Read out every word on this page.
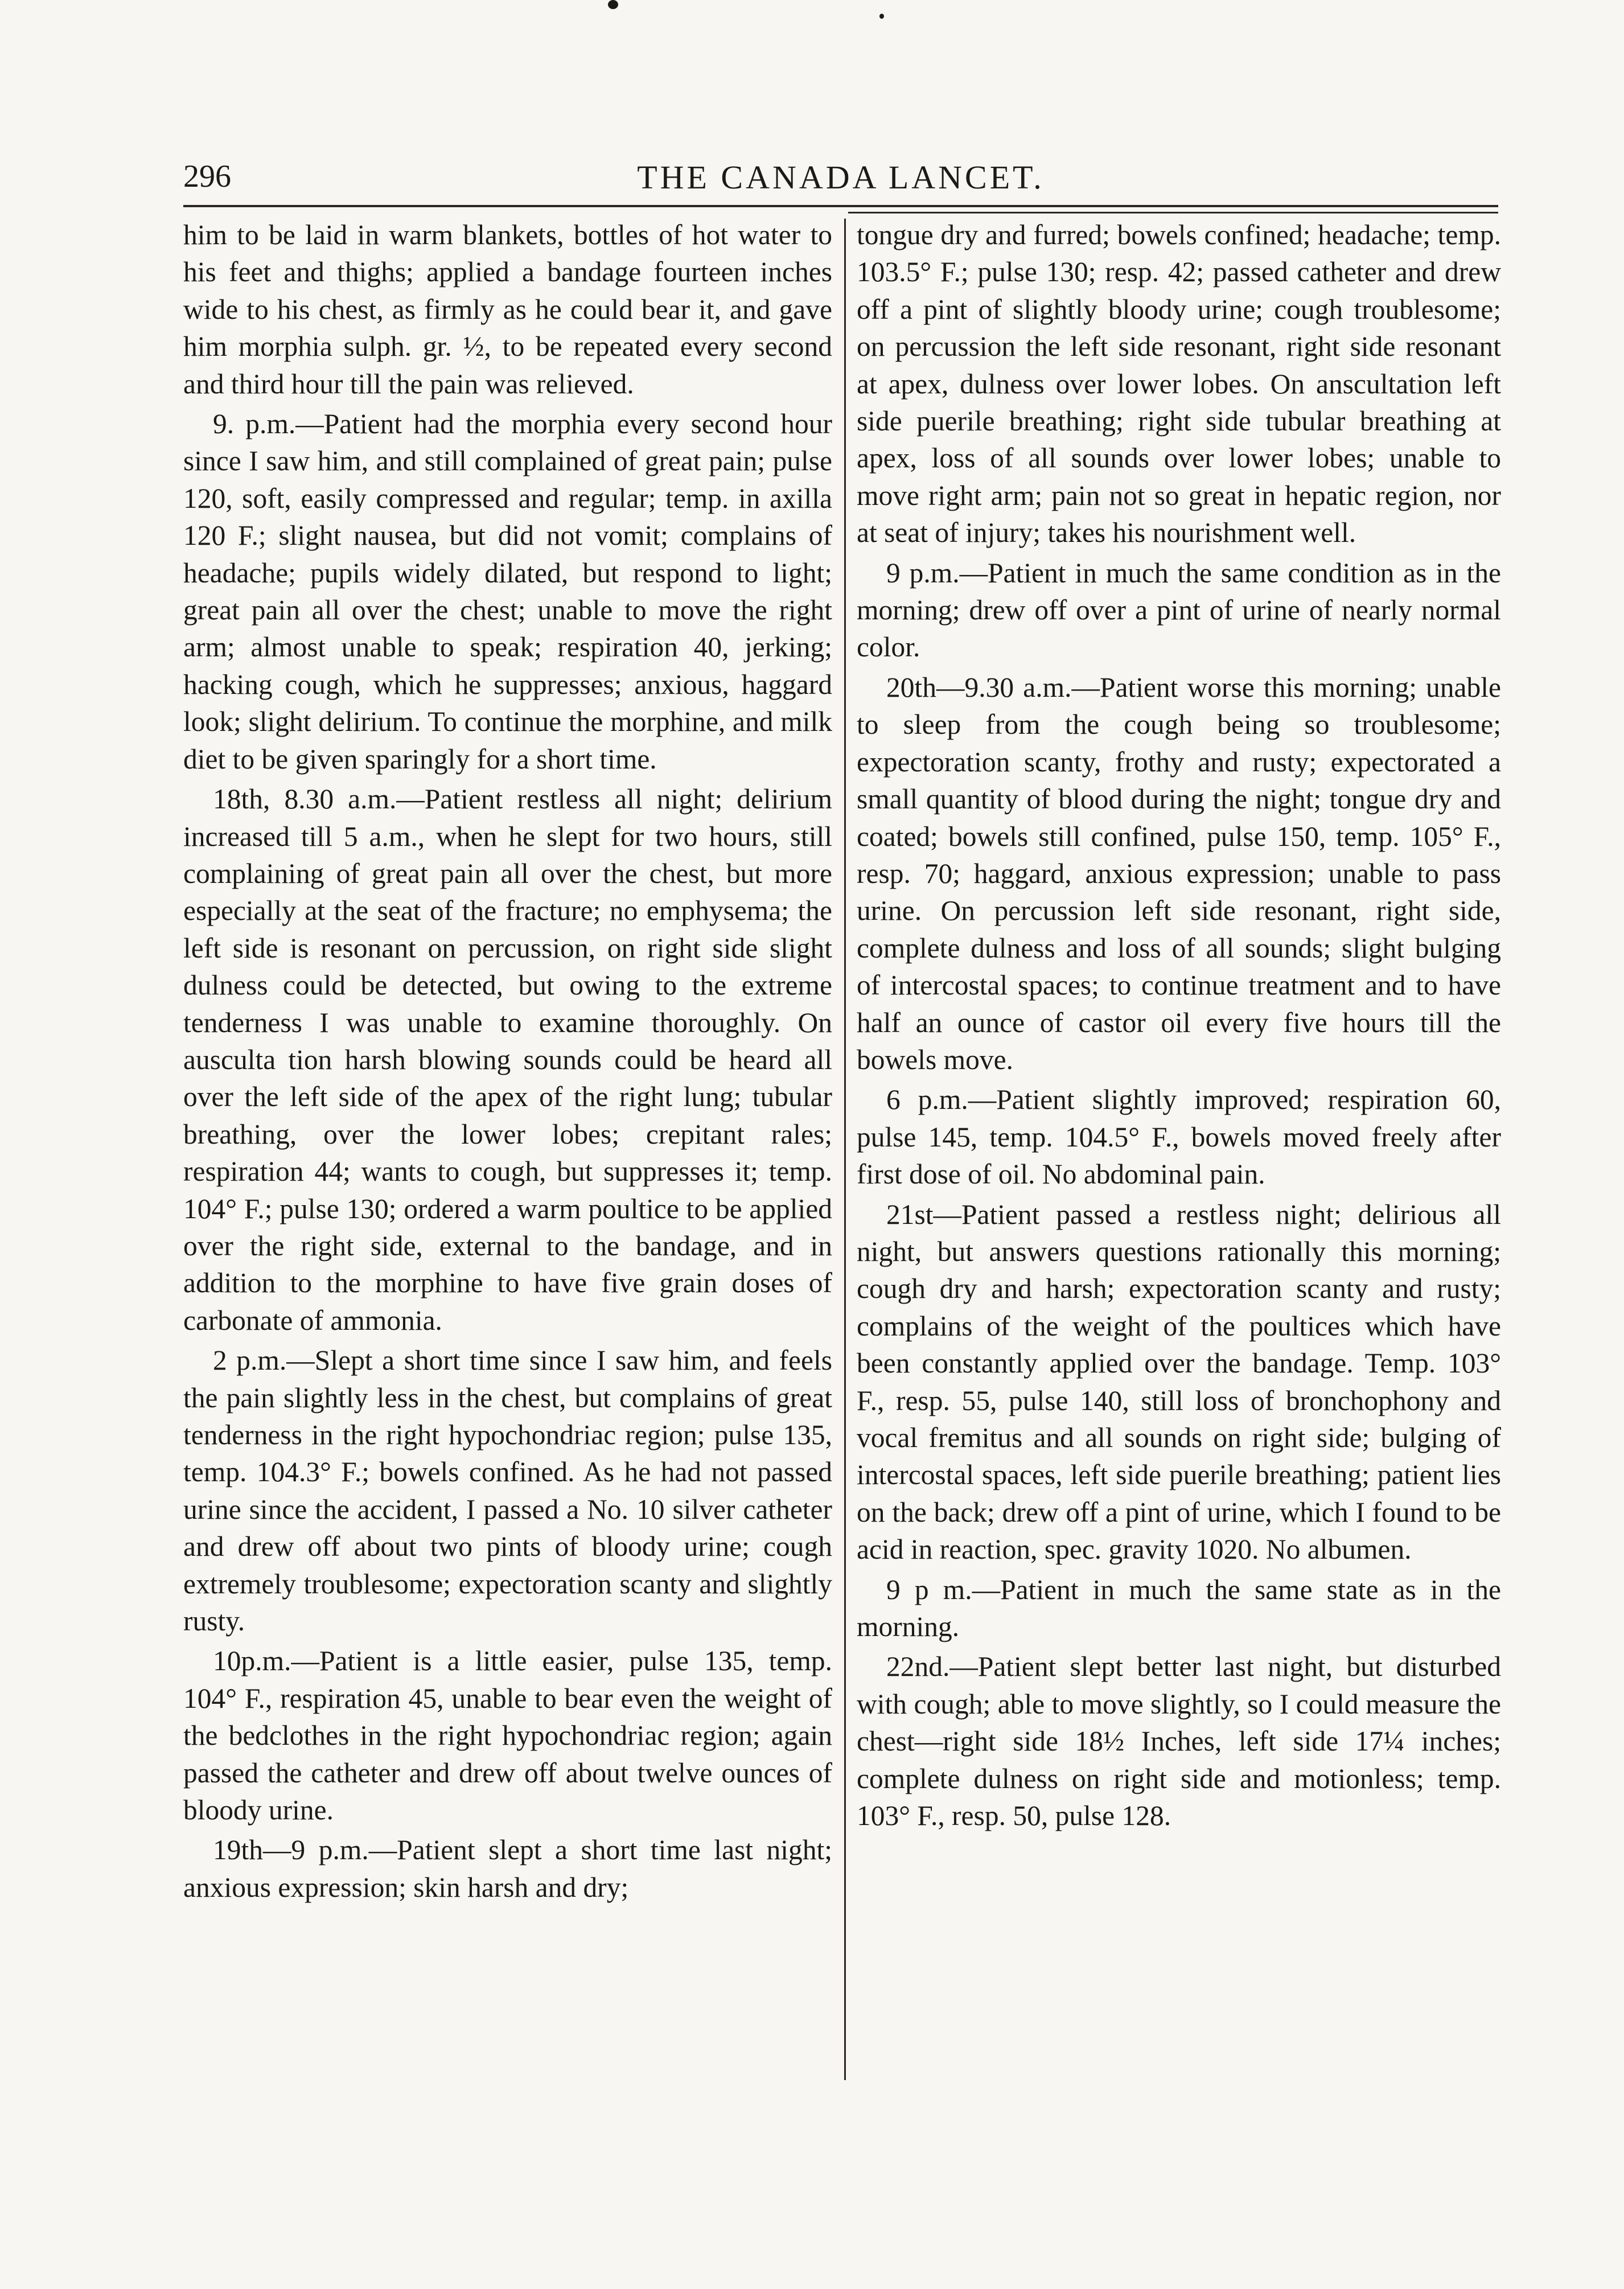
296	THE CANADA LANCET.

him to be laid in warm blankets, bottles of hot water to his feet and thighs; applied a bandage fourteen inches wide to his chest, as firmly as he could bear it, and gave him morphia sulph. gr. ½, to be repeated every second and third hour till the pain was relieved.

9. p.m.—Patient had the morphia every second hour since I saw him, and still complained of great pain; pulse 120, soft, easily compressed and regular; temp. in axilla 120 F.; slight nausea, but did not vomit; complains of headache; pupils widely dilated, but respond to light; great pain all over the chest; unable to move the right arm; almost unable to speak; respiration 40, jerking; hacking cough, which he suppresses; anxious, haggard look; slight delirium. To continue the morphine, and milk diet to be given sparingly for a short time.

18th, 8.30 a.m.—Patient restless all night; delirium increased till 5 a.m., when he slept for two hours, still complaining of great pain all over the chest, but more especially at the seat of the fracture; no emphysema; the left side is resonant on percussion, on right side slight dulness could be detected, but owing to the extreme tenderness I was unable to examine thoroughly. On ausculta tion harsh blowing sounds could be heard all over the left side of the apex of the right lung; tubular breathing, over the lower lobes; crepitant rales; respiration 44; wants to cough, but suppresses it; temp. 104° F.; pulse 130; ordered a warm poultice to be applied over the right side, external to the bandage, and in addition to the morphine to have five grain doses of carbonate of ammonia.

2 p.m.—Slept a short time since I saw him, and feels the pain slightly less in the chest, but complains of great tenderness in the right hypochondriac region; pulse 135, temp. 104.3° F.; bowels confined. As he had not passed urine since the accident, I passed a No. 10 silver catheter and drew off about two pints of bloody urine; cough extremely troublesome; expectoration scanty and slightly rusty.

10p.m.—Patient is a little easier, pulse 135, temp. 104° F., respiration 45, unable to bear even the weight of the bedclothes in the right hypochondriac region; again passed the catheter and drew off about twelve ounces of bloody urine.

19th—9 p.m.—Patient slept a short time last night; anxious expression; skin harsh and dry;

tongue dry and furred; bowels confined; headache; temp. 103.5° F.; pulse 130; resp. 42; passed catheter and drew off a pint of slightly bloody urine; cough troublesome; on percussion the left side resonant, right side resonant at apex, dulness over lower lobes. On anscultation left side puerile breathing; right side tubular breathing at apex, loss of all sounds over lower lobes; unable to move right arm; pain not so great in hepatic region, nor at seat of injury; takes his nourishment well.

9 p.m.—Patient in much the same condition as in the morning; drew off over a pint of urine of nearly normal color.

20th—9.30 a.m.—Patient worse this morning; unable to sleep from the cough being so troublesome; expectoration scanty, frothy and rusty; expectorated a small quantity of blood during the night; tongue dry and coated; bowels still confined, pulse 150, temp. 105° F., resp. 70; haggard, anxious expression; unable to pass urine. On percussion left side resonant, right side, complete dulness and loss of all sounds; slight bulging of intercostal spaces; to continue treatment and to have half an ounce of castor oil every five hours till the bowels move.

6 p.m.—Patient slightly improved; respiration 60, pulse 145, temp. 104.5° F., bowels moved freely after first dose of oil. No abdominal pain.

21st—Patient passed a restless night; delirious all night, but answers questions rationally this morning; cough dry and harsh; expectoration scanty and rusty; complains of the weight of the poultices which have been constantly applied over the bandage. Temp. 103° F., resp. 55, pulse 140, still loss of bronchophony and vocal fremitus and all sounds on right side; bulging of intercostal spaces, left side puerile breathing; patient lies on the back; drew off a pint of urine, which I found to be acid in reaction, spec. gravity 1020. No albumen.

9 p m.—Patient in much the same state as in the morning.

22nd.—Patient slept better last night, but disturbed with cough; able to move slightly, so I could measure the chest—right side 18½ Inches, left side 17¼ inches; complete dulness on right side and motionless; temp. 103° F., resp. 50, pulse 128.
